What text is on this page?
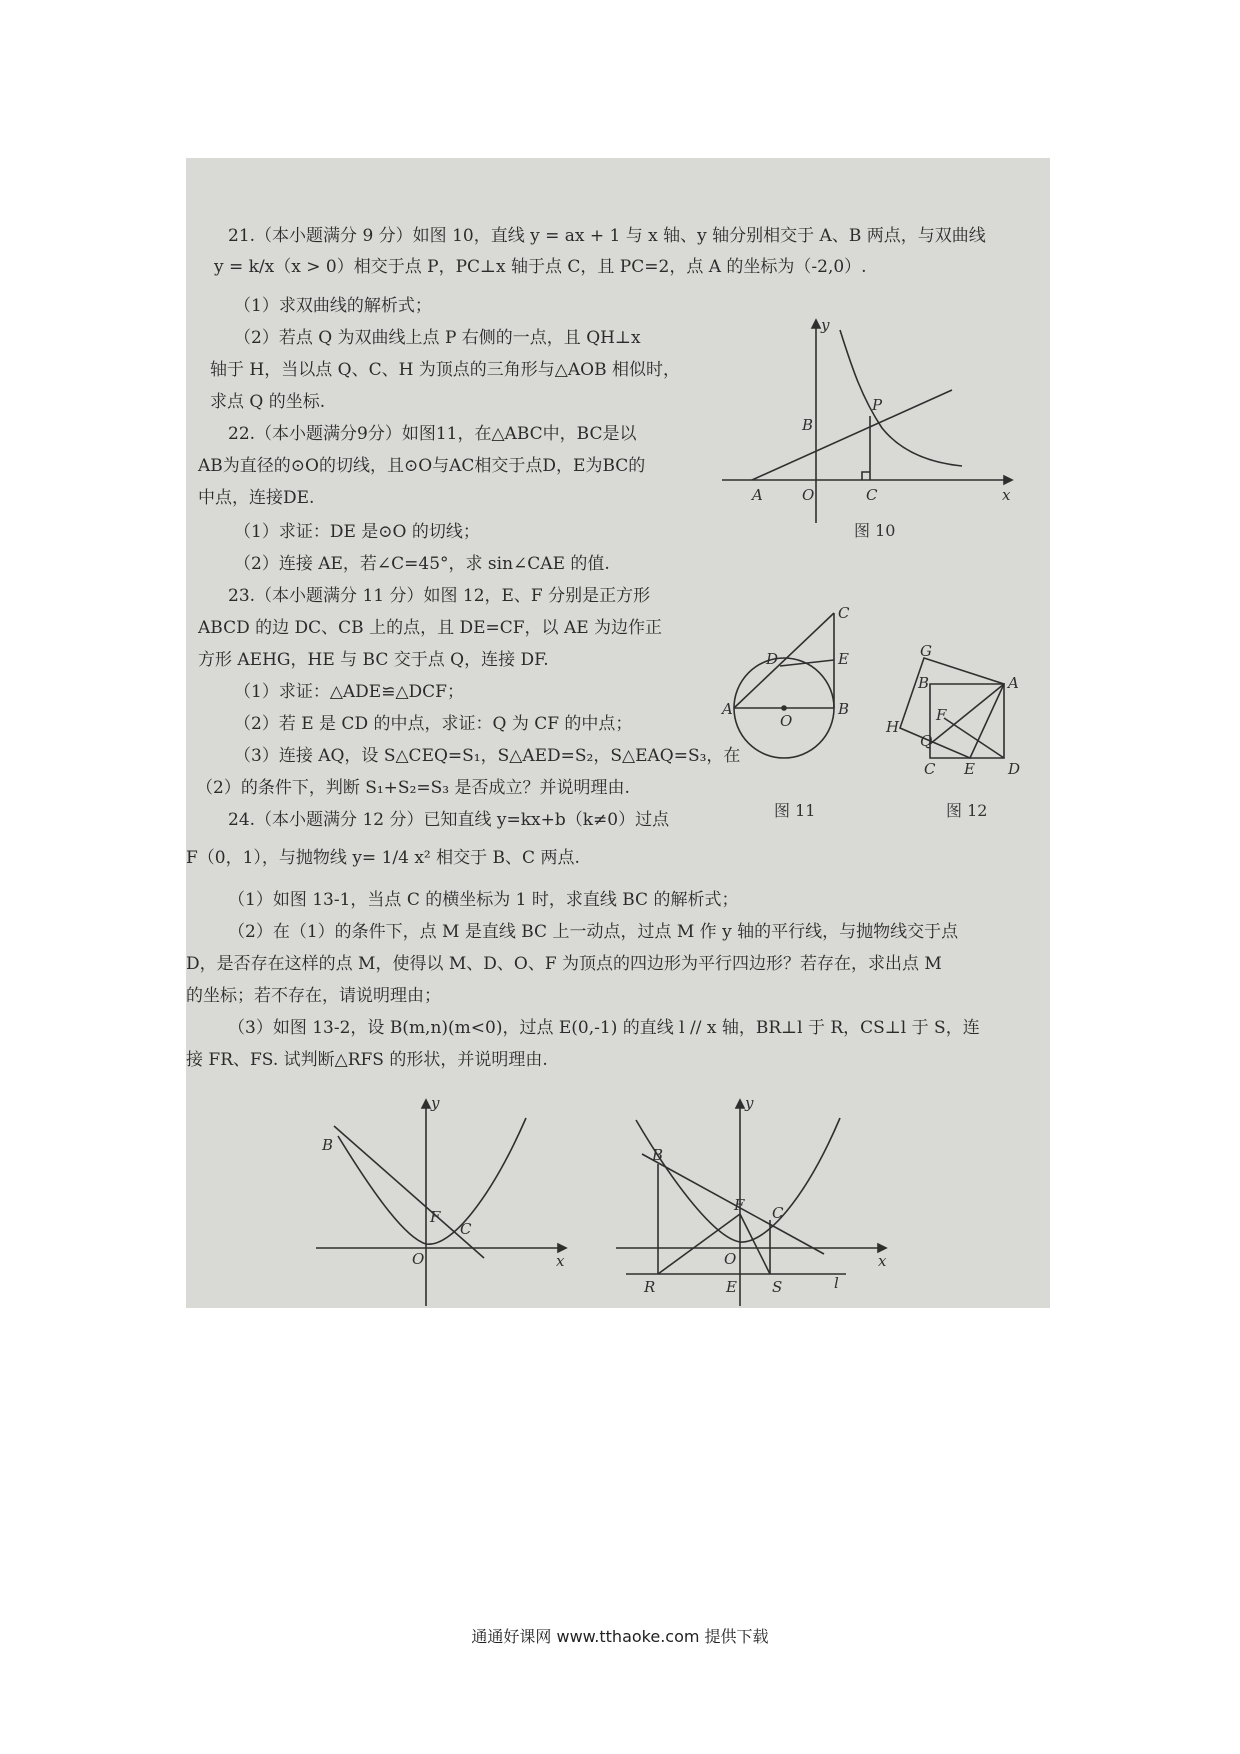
21.（本小题满分 9 分）如图 10，直线 y = ax + 1 与 x 轴、y 轴分别相交于 A、B 两点，与双曲线
y = k/x（x > 0）相交于点 P，PC⊥x 轴于点 C，且 PC=2，点 A 的坐标为（-2,0）.
（1）求双曲线的解析式；
（2）若点 Q 为双曲线上点 P 右侧的一点，且 QH⊥x
轴于 H，当以点 Q、C、H 为顶点的三角形与△AOB 相似时，
求点 Q 的坐标.
22.（本小题满分9分）如图11，在△ABC中，BC是以
AB为直径的⊙O的切线，且⊙O与AC相交于点D，E为BC的
中点，连接DE.
（1）求证：DE 是⊙O 的切线；
（2）连接 AE，若∠C=45°，求 sin∠CAE 的值.
23.（本小题满分 11 分）如图 12，E、F 分别是正方形
ABCD 的边 DC、CB 上的点，且 DE=CF，以 AE 为边作正
方形 AEHG，HE 与 BC 交于点 Q，连接 DF.
（1）求证：△ADE≌△DCF；
（2）若 E 是 CD 的中点，求证：Q 为 CF 的中点；
（3）连接 AQ，设 S△CEQ=S₁，S△AED=S₂，S△EAQ=S₃，在
（2）的条件下，判断 S₁+S₂=S₃ 是否成立？并说明理由.
24.（本小题满分 12 分）已知直线 y=kx+b（k≠0）过点
F（0，1），与抛物线 y= 1/4 x² 相交于 B、C 两点.
（1）如图 13-1，当点 C 的横坐标为 1 时，求直线 BC 的解析式；
（2）在（1）的条件下，点 M 是直线 BC 上一动点，过点 M 作 y 轴的平行线，与抛物线交于点
D，是否存在这样的点 M，使得以 M、D、O、F 为顶点的四边形为平行四边形？若存在，求出点 M
的坐标；若不存在，请说明理由；
（3）如图 13-2，设 B(m,n)(m<0)，过点 E(0,-1) 的直线 l // x 轴，BR⊥l 于 R，CS⊥l 于 S，连
接 FR、FS. 试判断△RFS 的形状，并说明理由.
y
P
B
A	O	C	x
图 10
C
D	E
A
O
B
图 11
G
B	A
H
F
Q
C E D
图 12
y
B
F
C
O	x
y
B
F C
O	x
R	E S	l
通通好课网 www.tthaoke.com 提供下载
